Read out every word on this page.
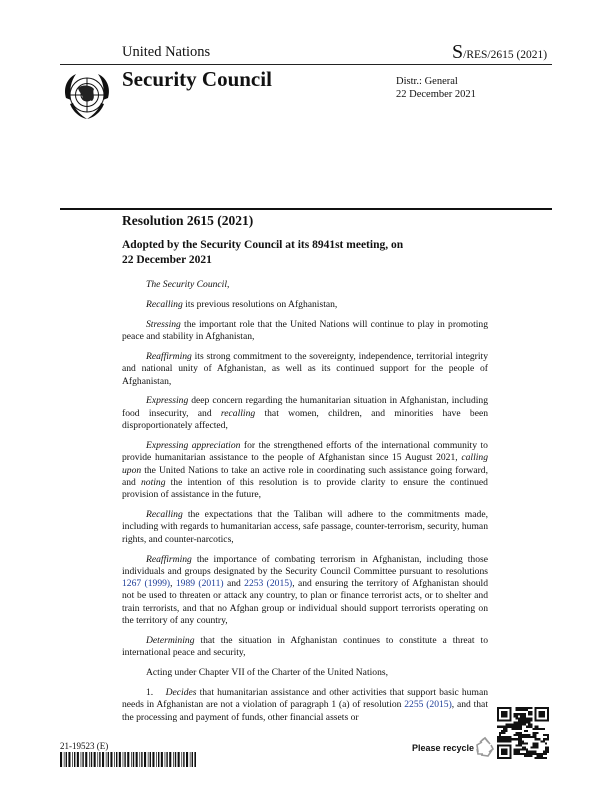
United Nations	S/RES/2615 (2021)
Security Council	Distr.: General
22 December 2021
Resolution 2615 (2021)
Adopted by the Security Council at its 8941st meeting, on
22 December 2021

The Security Council,

Recalling its previous resolutions on Afghanistan,

Stressing the important role that the United Nations will continue to play in promoting peace and stability in Afghanistan,

Reaffirming its strong commitment to the sovereignty, independence, territorial integrity and national unity of Afghanistan, as well as its continued support for the people of Afghanistan,

Expressing deep concern regarding the humanitarian situation in Afghanistan, including food insecurity, and recalling that women, children, and minorities have been disproportionately affected,

Expressing appreciation for the strengthened efforts of the international community to provide humanitarian assistance to the people of Afghanistan since 15 August 2021, calling upon the United Nations to take an active role in coordinating such assistance going forward, and noting the intention of this resolution is to provide clarity to ensure the continued provision of assistance in the future,

Recalling the expectations that the Taliban will adhere to the commitments made, including with regards to humanitarian access, safe passage, counter-terrorism, security, human rights, and counter-narcotics,

Reaffirming the importance of combating terrorism in Afghanistan, including those individuals and groups designated by the Security Council Committee pursuant to resolutions 1267 (1999), 1989 (2011) and 2253 (2015), and ensuring the territory of Afghanistan should not be used to threaten or attack any country, to plan or finance terrorist acts, or to shelter and train terrorists, and that no Afghan group or individual should support terrorists operating on the territory of any country,

Determining that the situation in Afghanistan continues to constitute a threat to international peace and security,

Acting under Chapter VII of the Charter of the United Nations,

1. Decides that humanitarian assistance and other activities that support basic human needs in Afghanistan are not a violation of paragraph 1 (a) of resolution 2255 (2015), and that the processing and payment of funds, other financial assets or

21-19523 (E)	Please recycle
